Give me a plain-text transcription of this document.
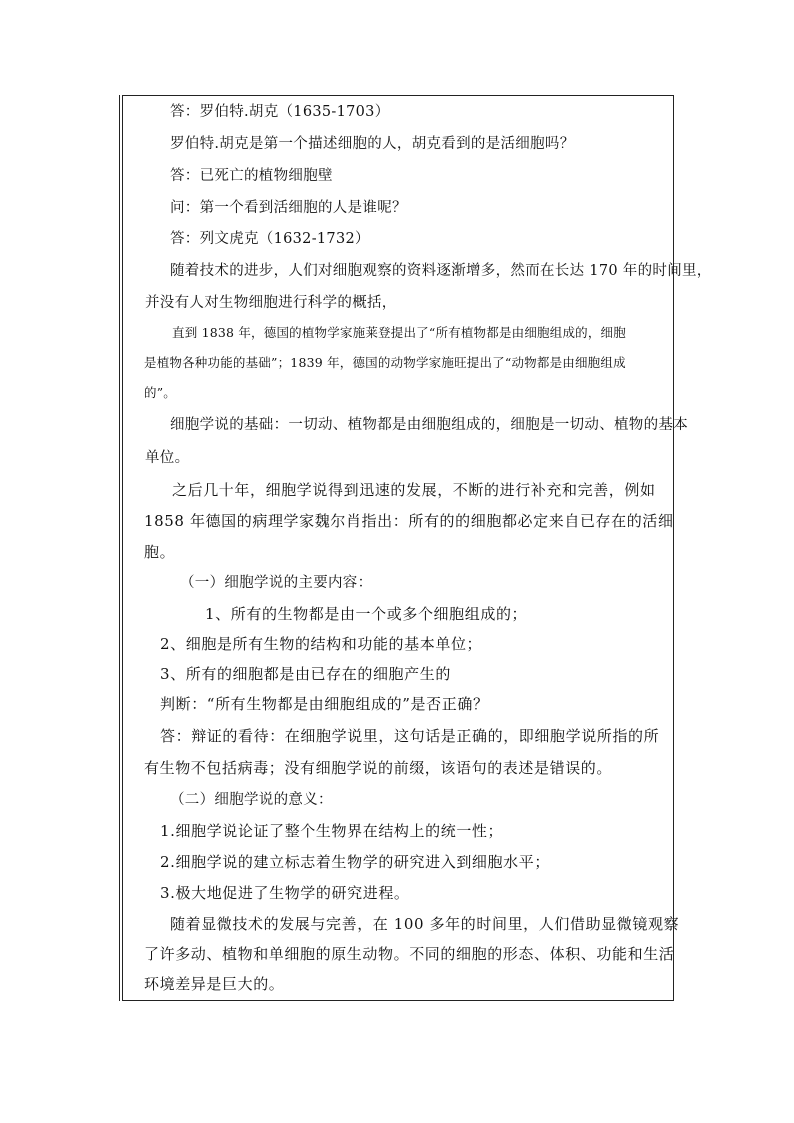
答：罗伯特.胡克（1635-1703）
罗伯特.胡克是第一个描述细胞的人，胡克看到的是活细胞吗？
答：已死亡的植物细胞壁
问：第一个看到活细胞的人是谁呢？
答：列文虎克（1632-1732）
随着技术的进步，人们对细胞观察的资料逐渐增多，然而在长达 170 年的时间里，
并没有人对生物细胞进行科学的概括，
直到 1838 年，德国的植物学家施莱登提出了“所有植物都是由细胞组成的，细胞
是植物各种功能的基础”；1839 年，德国的动物学家施旺提出了“动物都是由细胞组成
的”。
细胞学说的基础：一切动、植物都是由细胞组成的，细胞是一切动、植物的基本
单位。
之后几十年，细胞学说得到迅速的发展，不断的进行补充和完善，例如
1858 年德国的病理学家魏尔肖指出：所有的的细胞都必定来自已存在的活细
胞。
（一）细胞学说的主要内容：
1、所有的生物都是由一个或多个细胞组成的；
2、细胞是所有生物的结构和功能的基本单位；
3、所有的细胞都是由已存在的细胞产生的
判断：“所有生物都是由细胞组成的”是否正确？
答：辩证的看待：在细胞学说里，这句话是正确的，即细胞学说所指的所
有生物不包括病毒；没有细胞学说的前缀，该语句的表述是错误的。
（二）细胞学说的意义：
1.细胞学说论证了整个生物界在结构上的统一性；
2.细胞学说的建立标志着生物学的研究进入到细胞水平；
3.极大地促进了生物学的研究进程。
随着显微技术的发展与完善，在 100 多年的时间里，人们借助显微镜观察
了许多动、植物和单细胞的原生动物。不同的细胞的形态、体积、功能和生活
环境差异是巨大的。
